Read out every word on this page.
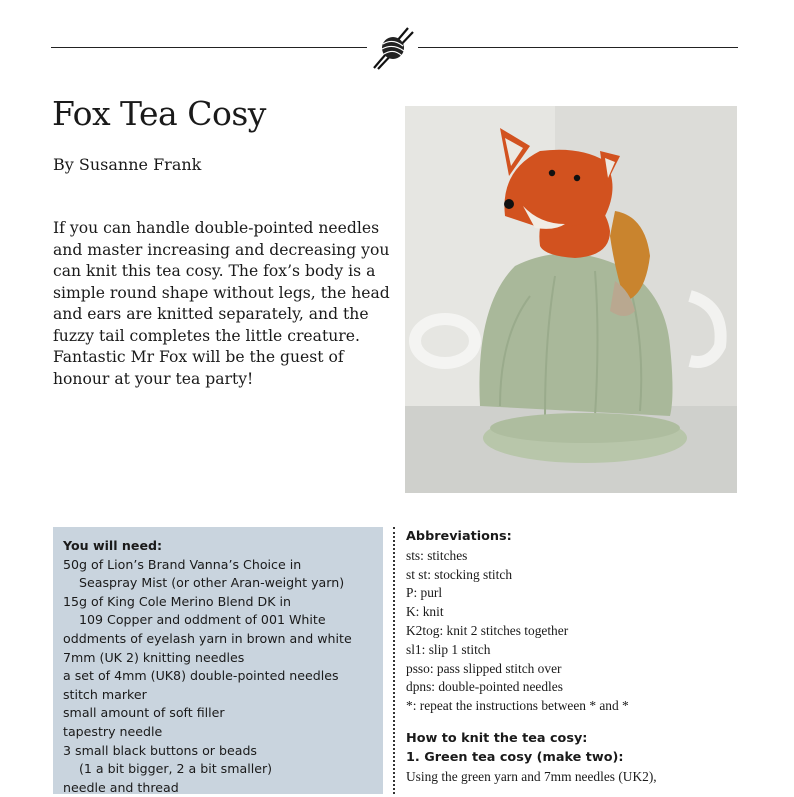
Fox Tea Cosy
By Susanne Frank
If you can handle double-pointed needles and master increasing and decreasing you can knit this tea cosy. The fox’s body is a simple round shape without legs, the head and ears are knitted separately, and the fuzzy tail completes the little creature. Fantastic Mr Fox will be the guest of honour at your tea party!
You will need:
50g of Lion’s Brand Vanna’s Choice in
Seaspray Mist (or other Aran-weight yarn)
15g of King Cole Merino Blend DK in
109 Copper and oddment of 001 White
oddments of eyelash yarn in brown and white
7mm (UK 2) knitting needles
a set of 4mm (UK8) double-pointed needles
stitch marker
small amount of soft filler
tapestry needle
3 small black buttons or beads
(1 a bit bigger, 2 a bit smaller)
needle and thread
Abbreviations:
sts: stitches
st st: stocking stitch
P: purl
K: knit
K2tog: knit 2 stitches together
sl1: slip 1 stitch
psso: pass slipped stitch over
dpns: double-pointed needles
*: repeat the instructions between * and *
How to knit the tea cosy:
1. Green tea cosy (make two):
Using the green yarn and 7mm needles (UK2),
